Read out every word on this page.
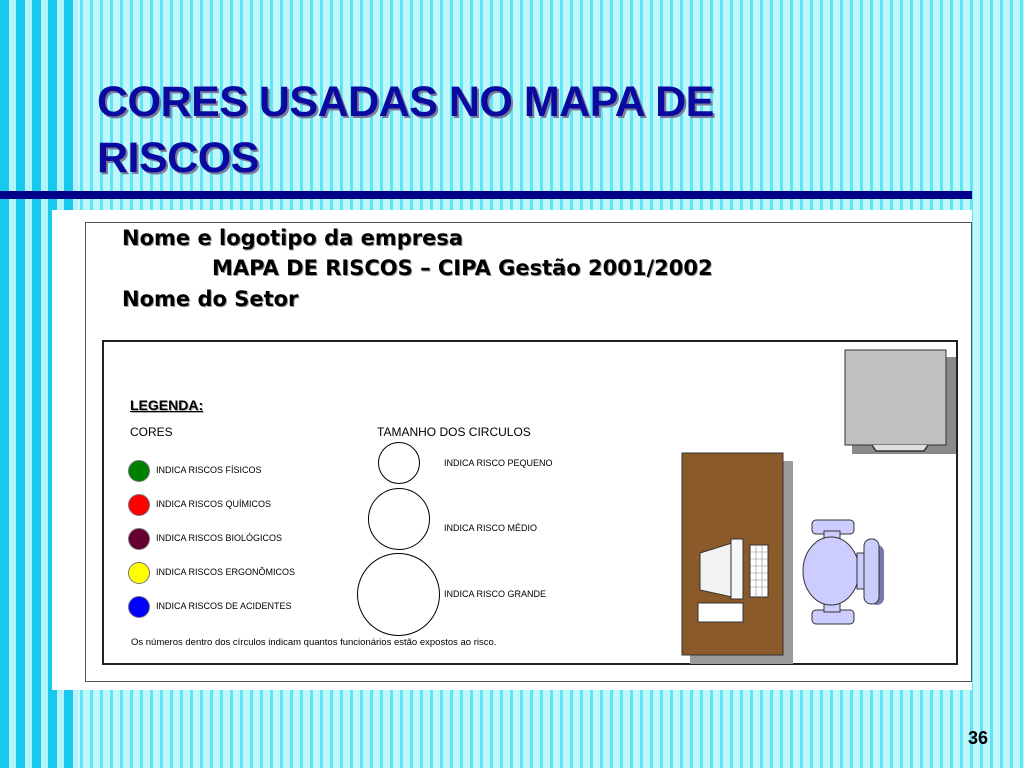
CORES USADAS NO MAPA DE
RISCOS
Nome e logotipo da empresa
MAPA DE RISCOS – CIPA Gestão 2001/2002
Nome do Setor
LEGENDA:
CORES	TAMANHO DOS CIRCULOS
INDICA RISCOS FÍSICOS
INDICA RISCOS QUÍMICOS
INDICA RISCOS BIOLÓGICOS
INDICA RISCOS ERGONÔMICOS
INDICA RISCOS DE ACIDENTES
INDICA RISCO PEQUENO
INDICA RISCO MÉDIO
INDICA RISCO GRANDE
Os números dentro dos círculos indicam quantos funcionários estão expostos ao risco.
36
